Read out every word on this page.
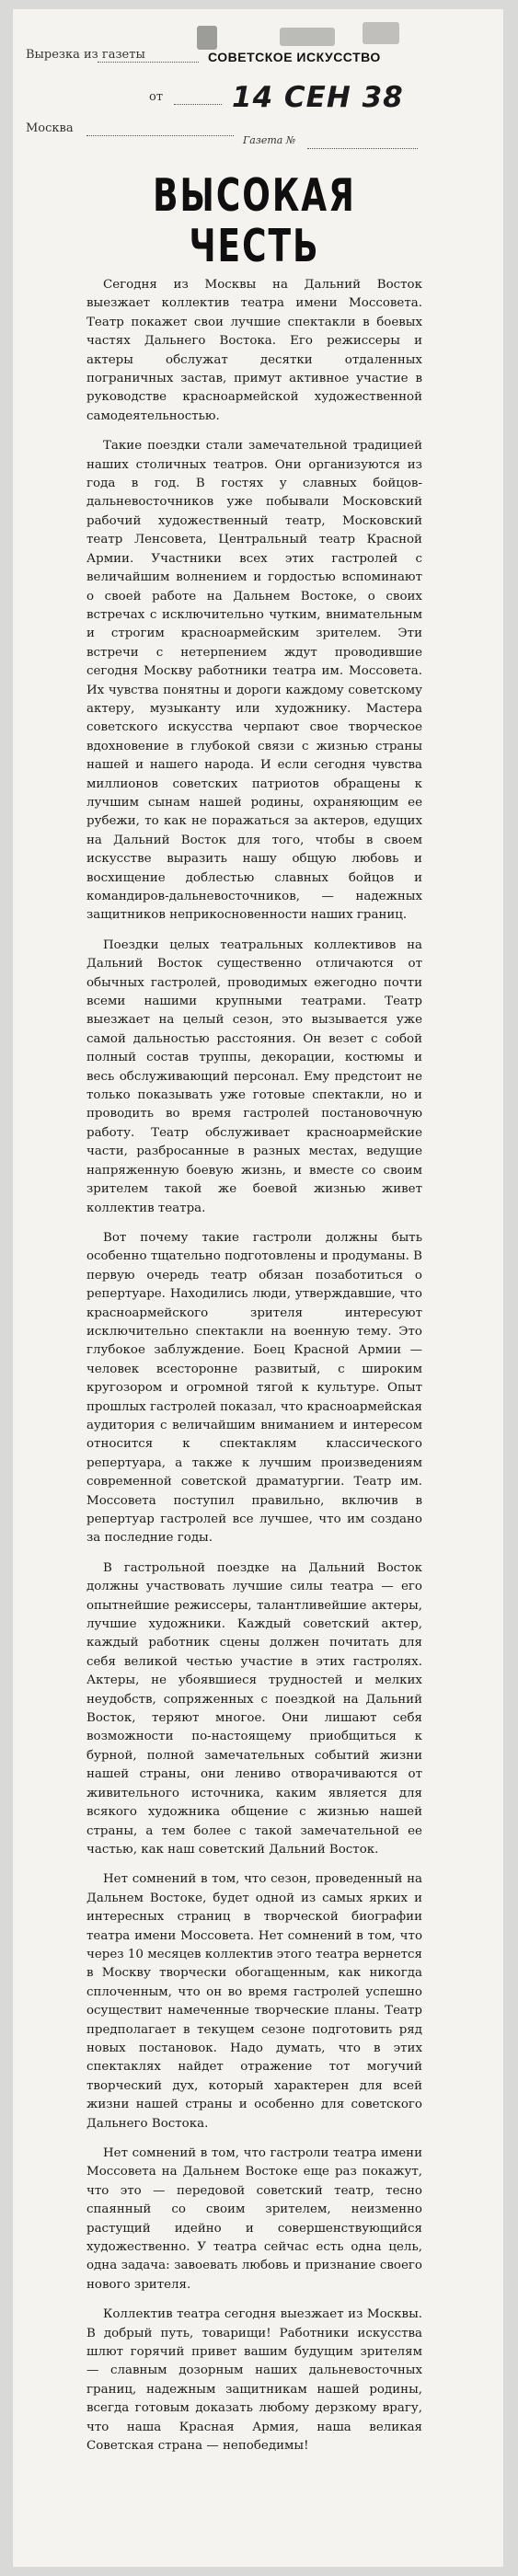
Вырезка из газеты	СОВЕТСКОЕ ИСКУССТВО
от 14 СЕН 38
Москва
Газета №
ВЫСОКАЯ ЧЕСТЬ

Сегодня из Москвы на Дальний Восток выезжает коллектив театра имени Моссовета. Театр покажет свои лучшие спектакли в боевых частях Дальнего Востока. Его режиссеры и актеры обслужат десятки отдаленных пограничных застав, примут активное участие в руководстве красноармейской художественной самодеятельностью.

Такие поездки стали замечательной традицией наших столичных театров. Они организуются из года в год. В гостях у славных бойцов-дальневосточников уже побывали Московский рабочий художественный театр, Московский театр Ленсовета, Центральный театр Красной Армии. Участники всех этих гастролей с величайшим волнением и гордостью вспоминают о своей работе на Дальнем Востоке, о своих встречах с исключительно чутким, внимательным и строгим красноармейским зрителем. Эти встречи с нетерпением ждут проводившие сегодня Москву работники театра им. Моссовета. Их чувства понятны и дороги каждому советскому актеру, музыканту или художнику. Мастера советского искусства черпают свое творческое вдохновение в глубокой связи с жизнью страны нашей и нашего народа. И если сегодня чувства миллионов советских патриотов обращены к лучшим сынам нашей родины, охраняющим ее рубежи, то как не поражаться за актеров, едущих на Дальний Восток для того, чтобы в своем искусстве выразить нашу общую любовь и восхищение доблестью славных бойцов и командиров-дальневосточников, — надежных защитников неприкосновенности наших границ.

Поездки целых театральных коллективов на Дальний Восток существенно отличаются от обычных гастролей, проводимых ежегодно почти всеми нашими крупными театрами. Театр выезжает на целый сезон, это вызывается уже самой дальностью расстояния. Он везет с собой полный состав труппы, декорации, костюмы и весь обслуживающий персонал. Ему предстоит не только показывать уже готовые спектакли, но и проводить во время гастролей постановочную работу. Театр обслуживает красноармейские части, разбросанные в разных местах, ведущие напряженную боевую жизнь, и вместе со своим зрителем такой же боевой жизнью живет коллектив театра.

Вот почему такие гастроли должны быть особенно тщательно подготовлены и продуманы. В первую очередь театр обязан позаботиться о репертуаре. Находились люди, утверждавшие, что красноармейского зрителя интересуют исключительно спектакли на военную тему. Это глубокое заблуждение. Боец Красной Армии — человек всесторонне развитый, с широким кругозором и огромной тягой к культуре. Опыт прошлых гастролей показал, что красноармейская аудитория с величайшим вниманием и интересом относится к спектаклям классического репертуара, а также к лучшим произведениям современной советской драматургии. Театр им. Моссовета поступил правильно, включив в репертуар гастролей все лучшее, что им создано за последние годы.

В гастрольной поездке на Дальний Восток должны участвовать лучшие силы театра — его опытнейшие режиссеры, талантливейшие актеры, лучшие художники. Каждый советский актер, каждый работник сцены должен почитать для себя великой честью участие в этих гастролях. Актеры, не убоявшиеся трудностей и мелких неудобств, сопряженных с поездкой на Дальний Восток, теряют многое. Они лишают себя возможности по-настоящему приобщиться к бурной, полной замечательных событий жизни нашей страны, они ленивo отворачиваются от живительного источника, каким является для всякого художника общение с жизнью нашей страны, а тем более с такой замечательной ее частью, как наш советский Дальний Восток.

Нет сомнений в том, что сезон, проведенный на Дальнем Востоке, будет одной из самых ярких и интересных страниц в творческой биографии театра имени Моссовета. Нет сомнений в том, что через 10 месяцев коллектив этого театра вернется в Москву творчески обогащенным, как никогда сплоченным, что он во время гастролей успешно осуществит намеченные творческие планы. Театр предполагает в текущем сезоне подготовить ряд новых постановок. Надо думать, что в этих спектаклях найдет отражение тот могучий творческий дух, который характерен для всей жизни нашей страны и особенно для советского Дальнего Востока.

Нет сомнений в том, что гастроли театра имени Моссовета на Дальнем Востоке еще раз покажут, что это — передовой советский театр, тесно спаянный со своим зрителем, неизменно растущий идейно и совершенствующийся художественно. У театра сейчас есть одна цель, одна задача: завоевать любовь и признание своего нового зрителя.

Коллектив театра сегодня выезжает из Москвы. В добрый путь, товарищи! Работники искусства шлют горячий привет вашим будущим зрителям — славным дозорным наших дальневосточных границ, надежным защитникам нашей родины, всегда готовым доказать любому дерзкому врагу, что наша Красная Армия, наша великая Советская страна — непобедимы!
